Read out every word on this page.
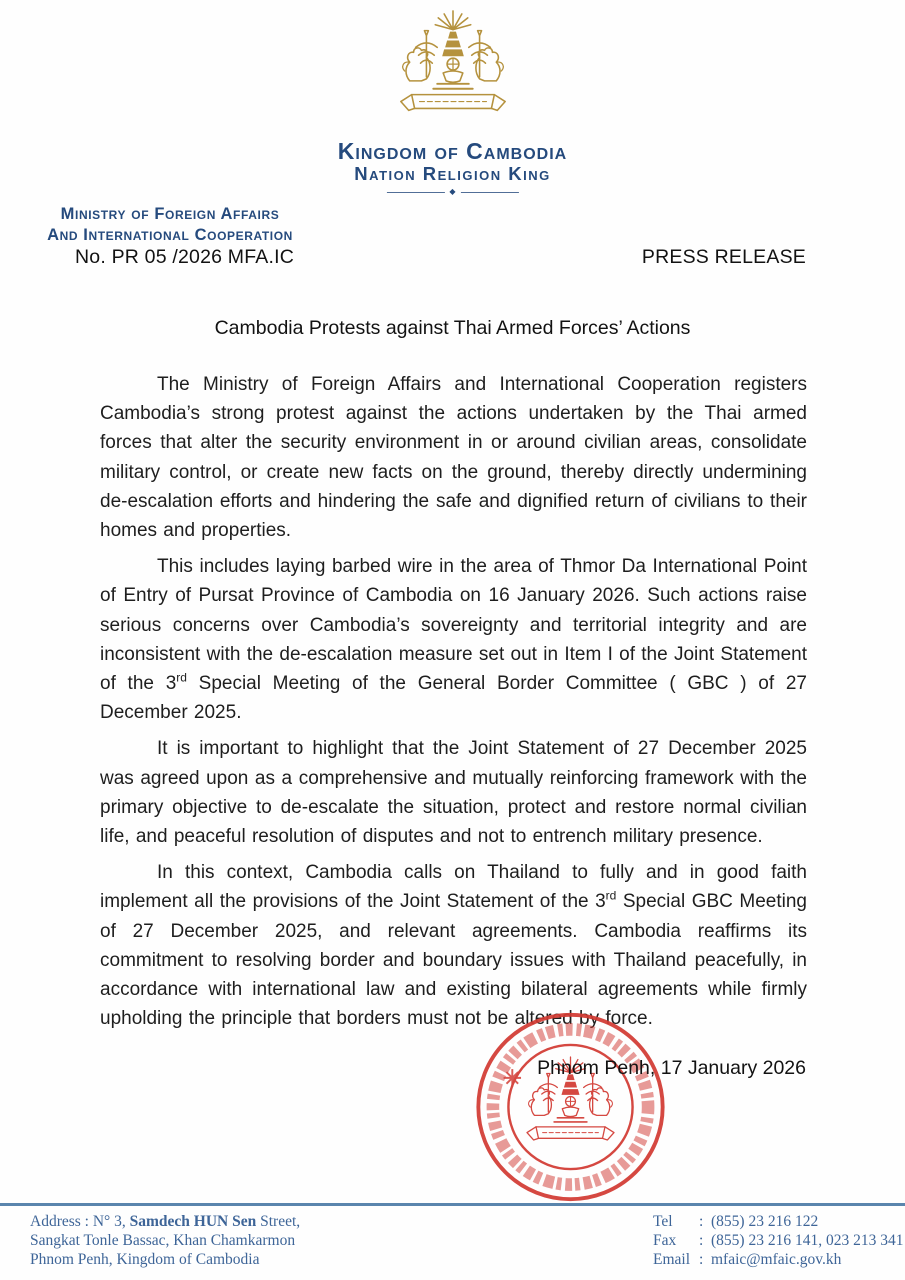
Kingdom of Cambodia
Nation Religion King
◆
Ministry of Foreign Affairs
And International Cooperation
No. PR 05 /2026 MFA.IC	PRESS RELEASE
Cambodia Protests against Thai Armed Forces’ Actions

The Ministry of Foreign Affairs and International Cooperation registers Cambodia’s strong protest against the actions undertaken by the Thai armed forces that alter the security environment in or around civilian areas, consolidate military control, or create new facts on the ground, thereby directly undermining de-escalation efforts and hindering the safe and dignified return of civilians to their homes and properties.

This includes laying barbed wire in the area of Thmor Da International Point of Entry of Pursat Province of Cambodia on 16 January 2026. Such actions raise serious concerns over Cambodia’s sovereignty and territorial integrity and are inconsistent with the de-escalation measure set out in Item I of the Joint Statement of the 3rd Special Meeting of the General Border Committee ( GBC ) of 27 December 2025.

It is important to highlight that the Joint Statement of 27 December 2025 was agreed upon as a comprehensive and mutually reinforcing framework with the primary objective to de-escalate the situation, protect and restore normal civilian life, and peaceful resolution of disputes and not to entrench military presence.

In this context, Cambodia calls on Thailand to fully and in good faith implement all the provisions of the Joint Statement of the 3rd Special GBC Meeting of 27 December 2025, and relevant agreements. Cambodia reaffirms its commitment to resolving border and boundary issues with Thailand peacefully, in accordance with international law and existing bilateral agreements while firmly upholding the principle that borders must not be altered by force.

Phnom Penh, 17 January 2026
Address : N° 3, Samdech HUN Sen Street,
Sangkat Tonle Bassac, Khan Chamkarmon
Phnom Penh, Kingdom of Cambodia
Tel	: (855) 23 216 122
Fax	: (855) 23 216 141, 023 213 341
Email : mfaic@mfaic.gov.kh
